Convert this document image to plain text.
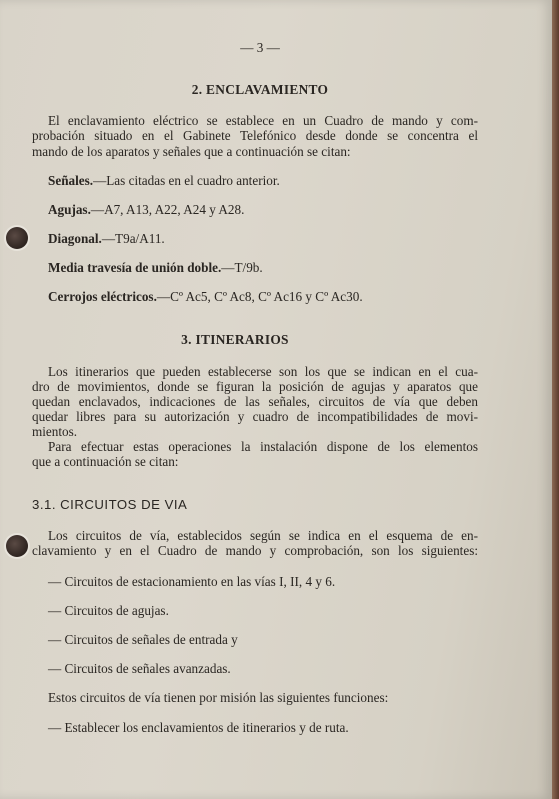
— 3 —
2. ENCLAVAMIENTO
El enclavamiento eléctrico se establece en un Cuadro de mando y com-
probación situado en el Gabinete Telefónico desde donde se concentra el
mando de los aparatos y señales que a continuación se citan:
Señales.—Las citadas en el cuadro anterior.
Agujas.—A7, A13, A22, A24 y A28.
Diagonal.—T9a/A11.
Media travesía de unión doble.—T/9b.
Cerrojos eléctricos.—Cº Ac5, Cº Ac8, Cº Ac16 y Cº Ac30.
3. ITINERARIOS
Los itinerarios que pueden establecerse son los que se indican en el cua-
dro de movimientos, donde se figuran la posición de agujas y aparatos que
quedan enclavados, indicaciones de las señales, circuitos de vía que deben
quedar libres para su autorización y cuadro de incompatibilidades de movi-
mientos.
Para efectuar estas operaciones la instalación dispone de los elementos
que a continuación se citan:
3.1. CIRCUITOS DE VIA
Los circuitos de vía, establecidos según se indica en el esquema de en-
clavamiento y en el Cuadro de mando y comprobación, son los siguientes:
— Circuitos de estacionamiento en las vías I, II, 4 y 6.
— Circuitos de agujas.
— Circuitos de señales de entrada y
— Circuitos de señales avanzadas.
Estos circuitos de vía tienen por misión las siguientes funciones:
— Establecer los enclavamientos de itinerarios y de ruta.
